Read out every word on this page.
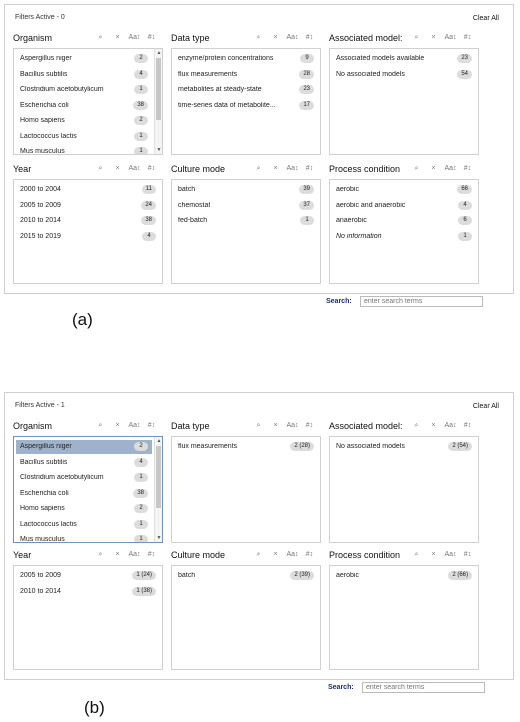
Filters Active - 0	Clear All
Organism	⌕ × Aa↕ #↕
Aspergillus niger	2
Bacillus subtilis	4
Clostridium acetobutylicum	1
Escherichia coli	38
Homo sapiens	2
Lactococcus lactis	1
Mus musculus	1
▲
▼
Data type	⌕ × Aa↕ #↕
enzyme/protein concentrations	9
flux measurements	28
metabolites at steady-state	23
time-series data of metabolite...	17
Associated model:	⌕ × Aa↕ #↕
Associated models available	23
No associated models	54
Year	⌕ × Aa↕ #↕
2000 to 2004	11
2005 to 2009	24
2010 to 2014	38
2015 to 2019	4
Culture mode	⌕ × Aa↕ #↕
batch	39
chemostat	37
fed-batch	1
Process condition	⌕ × Aa↕ #↕
aerobic	66
aerobic and anaerobic	4
anaerobic	6
No information	1
Search:
enter search terms
(a)
Filters Active - 1	Clear All
Organism	⌕ × Aa↕ #↕
Aspergillus niger	2
Bacillus subtilis	4
Clostridium acetobutylicum	1
Escherichia coli	38
Homo sapiens	2
Lactococcus lactis	1
Mus musculus	1
▲
▼
Data type	⌕ × Aa↕ #↕
flux measurements	2 (28)
Associated model:	⌕ × Aa↕ #↕
No associated models	2 (54)
Year	⌕ × Aa↕ #↕
2005 to 2009	1 (24)
2010 to 2014	1 (38)
Culture mode	⌕ × Aa↕ #↕
batch	2 (39)
Process condition	⌕ × Aa↕ #↕
aerobic	2 (66)
Search:
enter search terms
(b)
